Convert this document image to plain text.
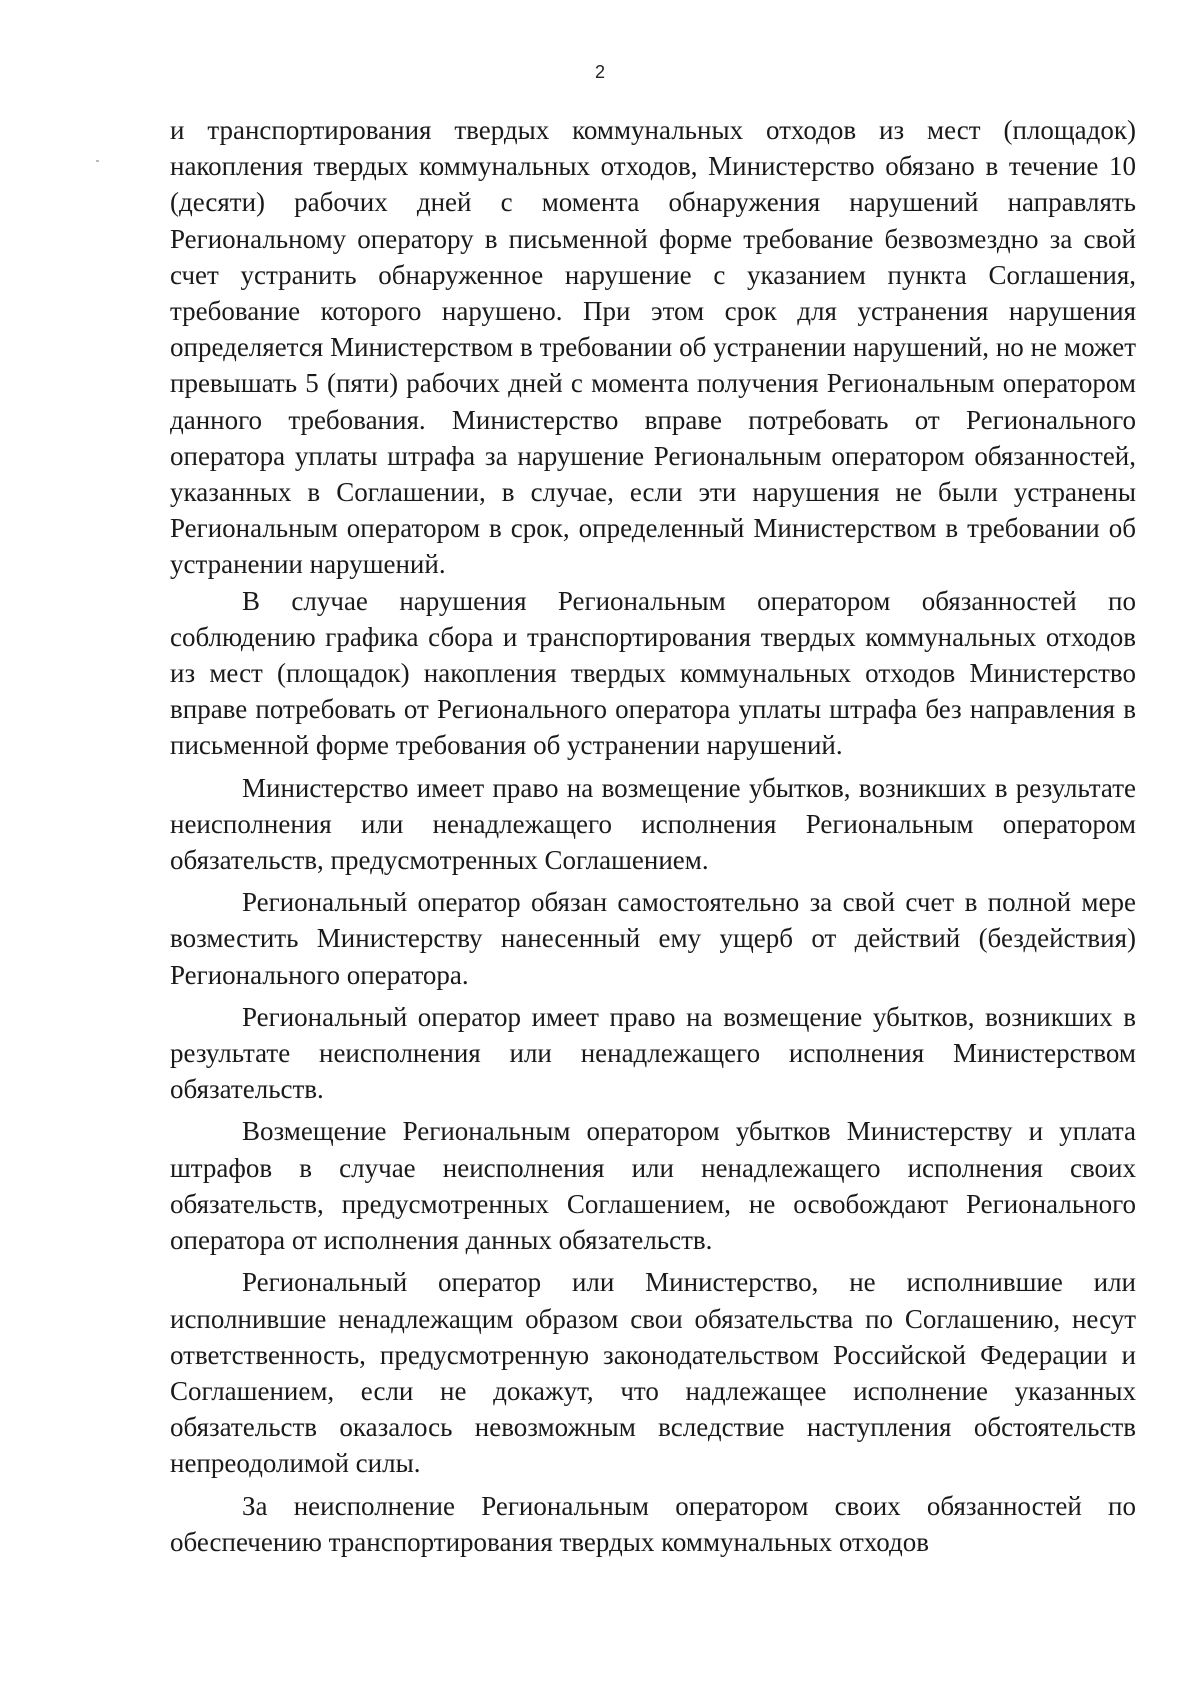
2

и транспортирования твердых коммунальных отходов из мест (площадок) накопления твердых коммунальных отходов, Министерство обязано в течение 10 (десяти) рабочих дней с момента обнаружения нарушений направлять Региональному оператору в письменной форме требование безвозмездно за свой счет устранить обнаруженное нарушение с указанием пункта Соглашения, требование которого нарушено. При этом срок для устранения нарушения определяется Министерством в требовании об устранении нарушений, но не может превышать 5 (пяти) рабочих дней с момента получения Региональным оператором данного требования. Министерство вправе потребовать от Регионального оператора уплаты штрафа за нарушение Региональным оператором обязанностей, указанных в Соглашении, в случае, если эти нарушения не были устранены Региональным оператором в срок, определенный Министерством в требовании об устранении нарушений.

В случае нарушения Региональным оператором обязанностей по соблюдению графика сбора и транспортирования твердых коммунальных отходов из мест (площадок) накопления твердых коммунальных отходов Министерство вправе потребовать от Регионального оператора уплаты штрафа без направления в письменной форме требования об устранении нарушений.

Министерство имеет право на возмещение убытков, возникших в результате неисполнения или ненадлежащего исполнения Региональным оператором обязательств, предусмотренных Соглашением.

Региональный оператор обязан самостоятельно за свой счет в полной мере возместить Министерству нанесенный ему ущерб от действий (бездействия) Регионального оператора.

Региональный оператор имеет право на возмещение убытков, возникших в результате неисполнения или ненадлежащего исполнения Министерством обязательств.

Возмещение Региональным оператором убытков Министерству и уплата штрафов в случае неисполнения или ненадлежащего исполнения своих обязательств, предусмотренных Соглашением, не освобождают Регионального оператора от исполнения данных обязательств.

Региональный оператор или Министерство, не исполнившие или исполнившие ненадлежащим образом свои обязательства по Соглашению, несут ответственность, предусмотренную законодательством Российской Федерации и Соглашением, если не докажут, что надлежащее исполнение указанных обязательств оказалось невозможным вследствие наступления обстоятельств непреодолимой силы.

За неисполнение Региональным оператором своих обязанностей по обеспечению транспортирования твердых коммунальных отходов
